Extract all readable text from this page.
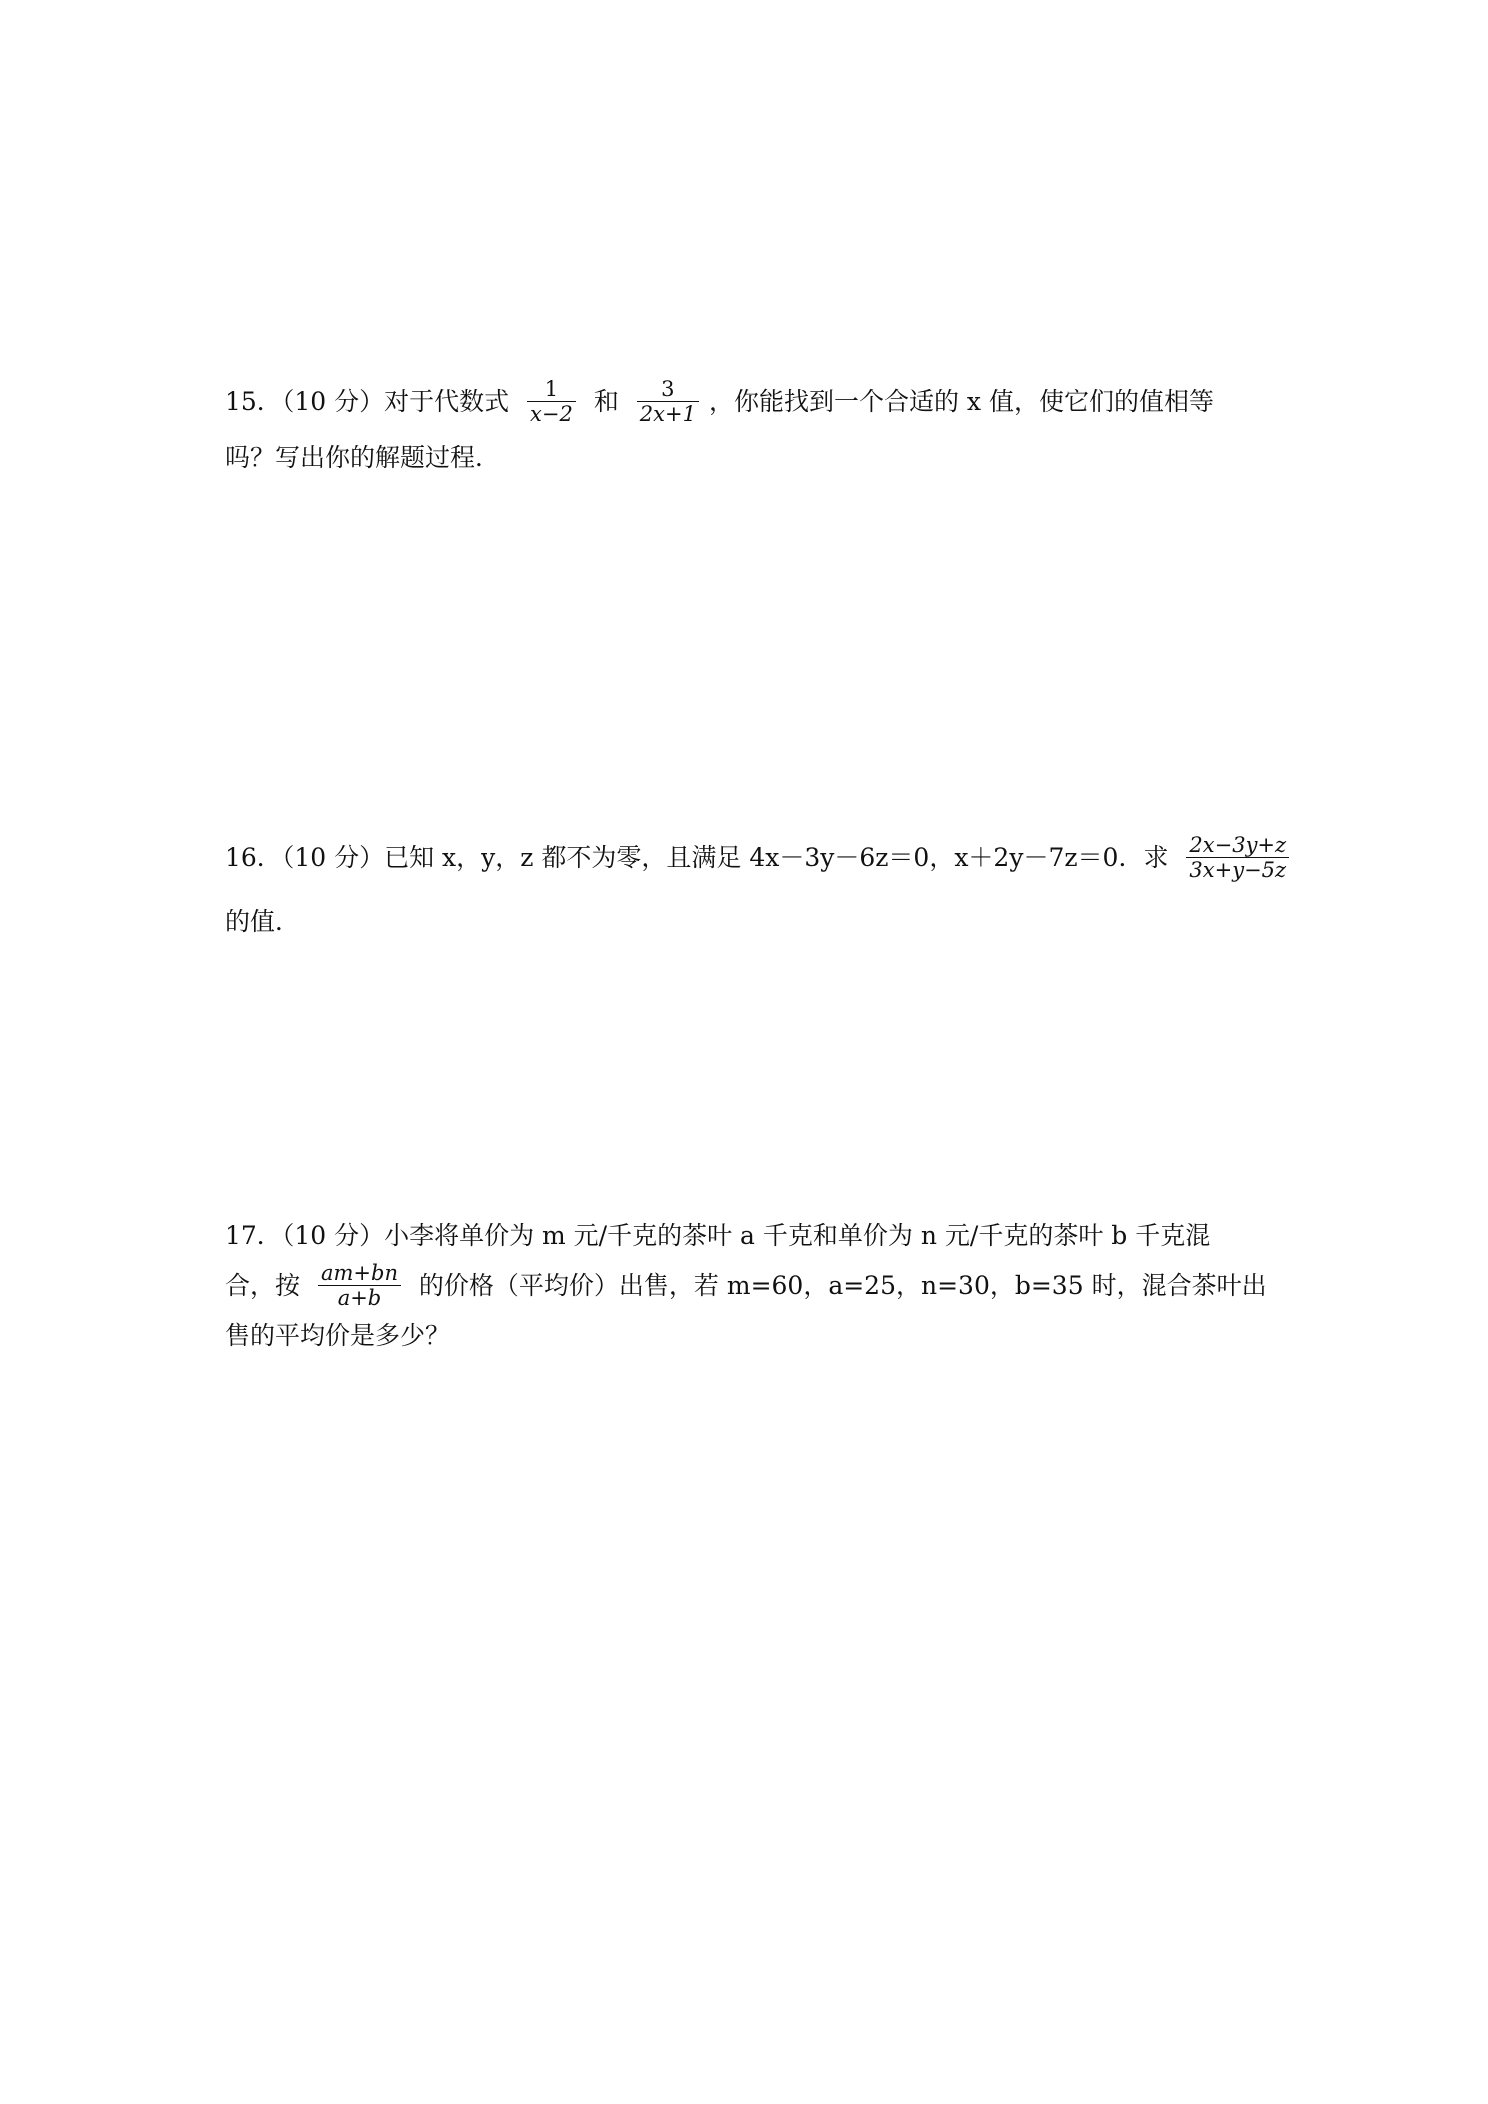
15．（10 分）对于代数式 $\frac{1}{x-2}$ 和 $\frac{3}{2x+1}$ ，你能找到一个合适的 x 值，使它们的值相等
吗？写出你的解题过程．
16．（10 分）已知 x，y，z 都不为零，且满足 4x－3y－6z＝0，x＋2y－7z＝0．求 $\frac{2x-3y+z}{3x+y-5z}$
的值．
17．（10 分）小李将单价为 m 元/千克的茶叶 a 千克和单价为 n 元/千克的茶叶 b 千克混
合，按 $\frac{am+bn}{a+b}$ 的价格（平均价）出售，若 m=60，a=25，n=30，b=35 时，混合茶叶出
售的平均价是多少？
